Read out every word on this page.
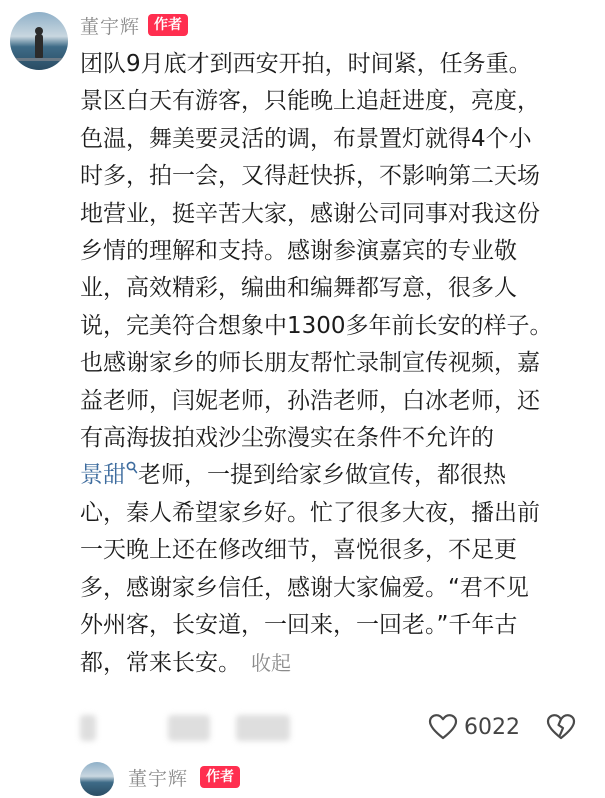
董宇辉	作者
团队9月底才到西安开拍，时间紧，任务重。
景区白天有游客，只能晚上追赶进度，亮度，
色温，舞美要灵活的调，布景置灯就得4个小
时多，拍一会，又得赶快拆，不影响第二天场
地营业，挺辛苦大家，感谢公司同事对我这份
乡情的理解和支持。感谢参演嘉宾的专业敬
业，高效精彩，编曲和编舞都写意，很多人
说，完美符合想象中1300多年前长安的样子。
也感谢家乡的师长朋友帮忙录制宣传视频，嘉
益老师，闫妮老师，孙浩老师，白冰老师，还
有高海拔拍戏沙尘弥漫实在条件不允许的
景甜 老师，一提到给家乡做宣传，都很热
心，秦人希望家乡好。忙了很多大夜，播出前
一天晚上还在修改细节，喜悦很多，不足更
多，感谢家乡信任，感谢大家偏爱。“君不见
外州客，长安道，一回来，一回老。”千年古
都，常来长安。 收起
6022
董宇辉	作者
